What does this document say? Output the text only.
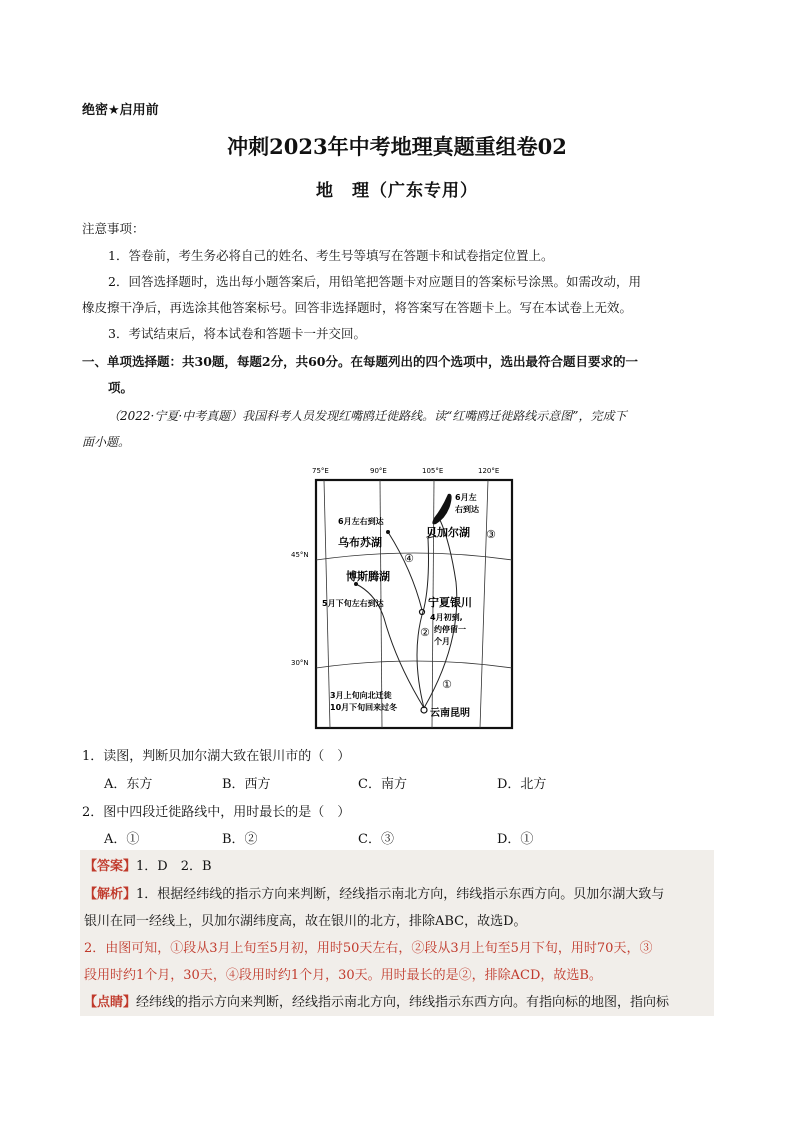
绝密★启用前
冲刺2023年中考地理真题重组卷02
地　理（广东专用）
注意事项：
1．答卷前，考生务必将自己的姓名、考生号等填写在答题卡和试卷指定位置上。
2．回答选择题时，选出每小题答案后，用铅笔把答题卡对应题目的答案标号涂黑。如需改动，用
橡皮擦干净后，再选涂其他答案标号。回答非选择题时，将答案写在答题卡上。写在本试卷上无效。
3．考试结束后，将本试卷和答题卡一并交回。
一、单项选择题：共30题，每题2分，共60分。在每题列出的四个选项中，选出最符合题目要求的一
项。
（2022·宁夏·中考真题）我国科考人员发现红嘴鸥迁徙路线。读“红嘴鸥迁徙路线示意图”，完成下
面小题。
75°E	90°E	105°E	120°E
45°N
30°N
6月左右到达
6月左
右到达
乌布苏湖
贝加尔湖
④
③
博斯腾湖
5月下旬左右到达	宁夏银川
4月初到,
约停留一
个月
②
①
3月上旬向北迁徙
10月下旬回来过冬
云南昆明
1．读图，判断贝加尔湖大致在银川市的（　）
A．东方	B．西方	C．南方	D．北方
2．图中四段迁徙路线中，用时最长的是（　）
A．①	B．②	C．③	D．①
【答案】1．D　2．B
【解析】1．根据经纬线的指示方向来判断，经线指示南北方向，纬线指示东西方向。贝加尔湖大致与
银川在同一经线上，贝加尔湖纬度高，故在银川的北方，排除ABC，故选D。
2．由图可知，①段从3月上旬至5月初，用时50天左右，②段从3月上旬至5月下旬，用时70天，③
段用时约1个月，30天，④段用时约1个月，30天。用时最长的是②，排除ACD，故选B。
【点睛】经纬线的指示方向来判断，经线指示南北方向，纬线指示东西方向。有指向标的地图，指向标
